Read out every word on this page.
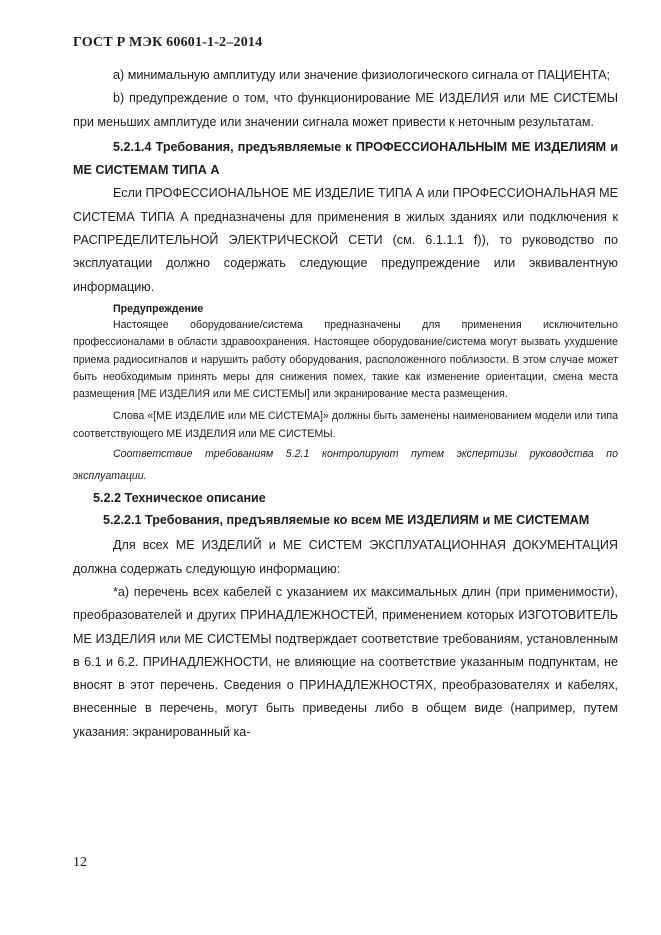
ГОСТ Р МЭК 60601-1-2–2014
a) минимальную амплитуду или значение физиологического сигнала от ПАЦИЕНТА;
b) предупреждение о том, что функционирование МЕ ИЗДЕЛИЯ или МЕ СИСТЕМЫ при меньших амплитуде или значении сигнала может привести к неточным результатам.
5.2.1.4 Требования, предъявляемые к ПРОФЕССИОНАЛЬНЫМ МЕ ИЗДЕЛИЯМ и МЕ СИСТЕМАМ ТИПА А
Если ПРОФЕССИОНАЛЬНОЕ МЕ ИЗДЕЛИЕ ТИПА А или ПРОФЕССИОНАЛЬНАЯ МЕ СИСТЕМА ТИПА А предназначены для применения в жилых зданиях или подключения к РАСПРЕДЕЛИТЕЛЬНОЙ ЭЛЕКТРИЧЕСКОЙ СЕТИ (см. 6.1.1.1 f)), то руководство по эксплуатации должно содержать следующие предупреждение или эквивалентную информацию.
Предупреждение
Настоящее оборудование/система предназначены для применения исключительно профессионалами в области здравоохранения. Настоящее оборудование/система могут вызвать ухудшение приема радиосигналов и нарушить работу оборудования, расположенного поблизости. В этом случае может быть необходимым принять меры для снижения помех, такие как изменение ориентации, смена места размещения [МЕ ИЗДЕЛИЯ или МЕ СИСТЕМЫ] или экранирование места размещения.
Слова «[МЕ ИЗДЕЛИЕ или МЕ СИСТЕМА]» должны быть заменены наименованием модели или типа соответствующего МЕ ИЗДЕЛИЯ или МЕ СИСТЕМЫ.
Соответствие требованиям 5.2.1 контролируют путем экспертизы руководства по эксплуатации.
5.2.2 Техническое описание
5.2.2.1 Требования, предъявляемые ко всем МЕ ИЗДЕЛИЯМ и МЕ СИСТЕМАМ
Для всех МЕ ИЗДЕЛИЙ и МЕ СИСТЕМ ЭКСПЛУАТАЦИОННАЯ ДОКУМЕНТАЦИЯ должна содержать следующую информацию:
*а) перечень всех кабелей с указанием их максимальных длин (при применимости), преобразователей и других ПРИНАДЛЕЖНОСТЕЙ, применением которых ИЗГОТОВИТЕЛЬ МЕ ИЗДЕЛИЯ или МЕ СИСТЕМЫ подтверждает соответствие требованиям, установленным в 6.1 и 6.2. ПРИНАДЛЕЖНОСТИ, не влияющие на соответствие указанным подпунктам, не вносят в этот перечень. Сведения о ПРИНАДЛЕЖНОСТЯХ, преобразователях и кабелях, внесенные в перечень, могут быть приведены либо в общем виде (например, путем указания: экранированный ка-
12
